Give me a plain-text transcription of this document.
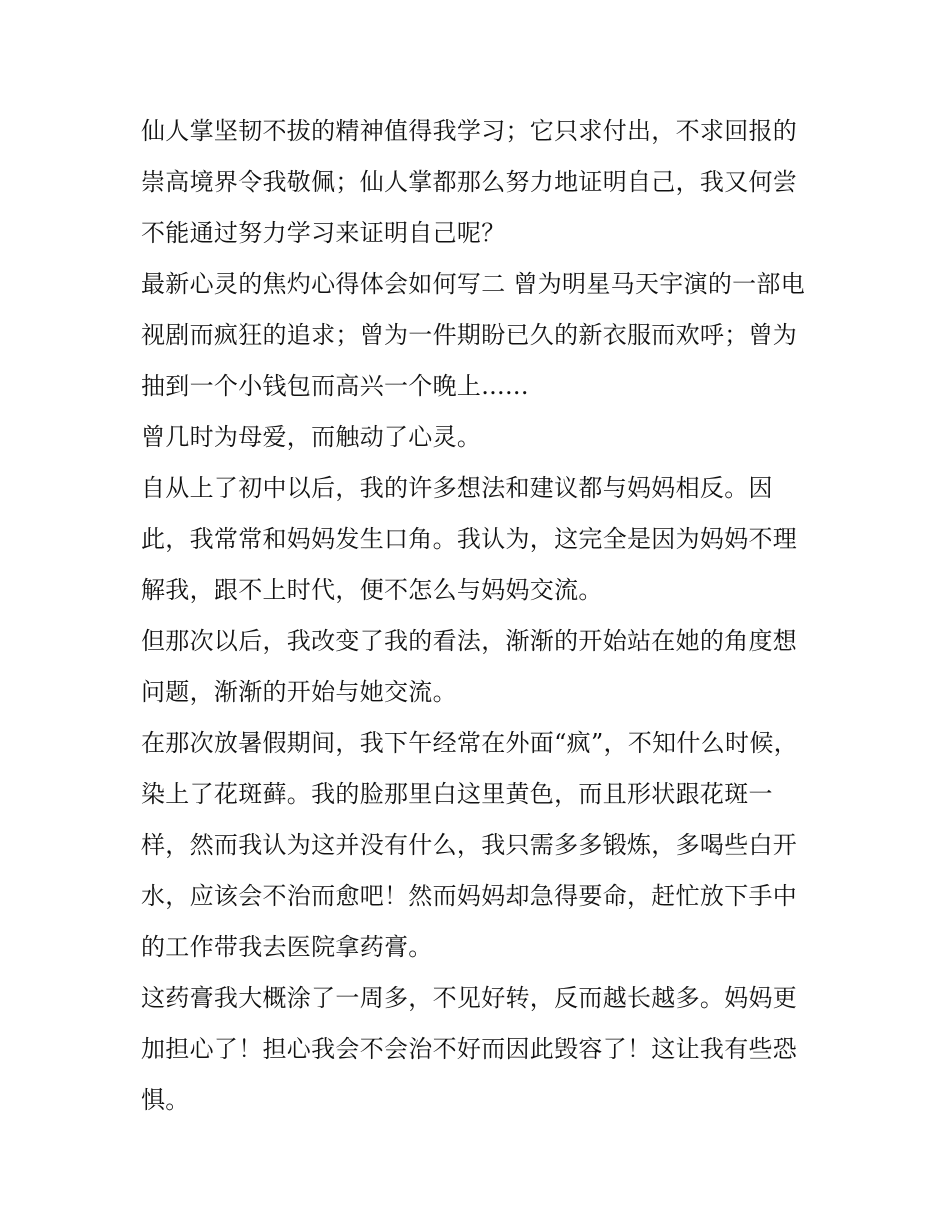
仙人掌坚韧不拔的精神值得我学习；它只求付出，不求回报的崇高境界令我敬佩；仙人掌都那么努力地证明自己，我又何尝不能通过努力学习来证明自己呢？

最新心灵的焦灼心得体会如何写二 曾为明星马天宇演的一部电视剧而疯狂的追求；曾为一件期盼已久的新衣服而欢呼；曾为抽到一个小钱包而高兴一个晚上......

曾几时为母爱，而触动了心灵。

自从上了初中以后，我的许多想法和建议都与妈妈相反。因此，我常常和妈妈发生口角。我认为，这完全是因为妈妈不理解我，跟不上时代，便不怎么与妈妈交流。

但那次以后，我改变了我的看法，渐渐的开始站在她的角度想问题，渐渐的开始与她交流。

在那次放暑假期间，我下午经常在外面“疯”，不知什么时候，染上了花斑藓。我的脸那里白这里黄色，而且形状跟花斑一样，然而我认为这并没有什么，我只需多多锻炼，多喝些白开水，应该会不治而愈吧！然而妈妈却急得要命，赶忙放下手中的工作带我去医院拿药膏。

这药膏我大概涂了一周多，不见好转，反而越长越多。妈妈更加担心了！担心我会不会治不好而因此毁容了！这让我有些恐惧。
